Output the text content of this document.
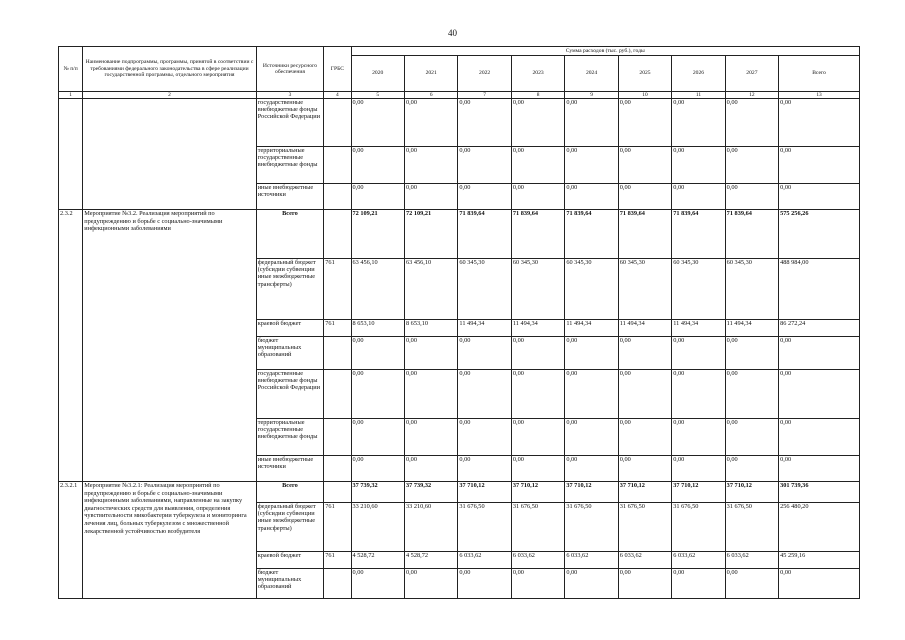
40
№ п/п	Наименование подпрограммы, программы, принятой в соответствии с требованиями федерального законодательства в сфере реализации государственной программы, отдельного мероприятия	Источники ресурсного обеспечения	ГРБС	Сумма расходов (тыс. руб.), годы								
				2020	2021	2022	2023	2024	2025	2026	2027	Всего
1	2	3	4	5	6	7	8	9	10	11	12	13
		государственные внебюджетные фонды Российской Федерации		0,00	0,00	0,00	0,00	0,00	0,00	0,00	0,00	0,00
		территориальные государственные внебюджетные фонды		0,00	0,00	0,00	0,00	0,00	0,00	0,00	0,00	0,00
		иные внебюджетные источники		0,00	0,00	0,00	0,00	0,00	0,00	0,00	0,00	0,00
2.3.2	Мероприятие №3.2. Реализация мероприятий по предупреждению и борьбе с социально-значимыми инфекционными заболеваниями	Всего		72 109,21	72 109,21	71 839,64	71 839,64	71 839,64	71 839,64	71 839,64	71 839,64	575 256,26
		федеральный бюджет (субсидии субвенции иные межбюджетные трансферты)	761	63 456,10	63 456,10	60 345,30	60 345,30	60 345,30	60 345,30	60 345,30	60 345,30	488 984,00
		краевой бюджет	761	8 653,10	8 653,10	11 494,34	11 494,34	11 494,34	11 494,34	11 494,34	11 494,34	86 272,24
		бюджет муниципальных образований		0,00	0,00	0,00	0,00	0,00	0,00	0,00	0,00	0,00
		государственные внебюджетные фонды Российской Федерации		0,00	0,00	0,00	0,00	0,00	0,00	0,00	0,00	0,00
		территориальные государственные внебюджетные фонды		0,00	0,00	0,00	0,00	0,00	0,00	0,00	0,00	0,00
		иные внебюджетные источники		0,00	0,00	0,00	0,00	0,00	0,00	0,00	0,00	0,00
2.3.2.1	Мероприятие №3.2.1: Реализация мероприятий по предупреждению и борьбе с социально-значимыми инфекционными заболеваниями, направленные на закупку диагностических средств для выявления, определения чувствительности микобактерии туберкулеза и мониторинга лечения лиц, больных туберкулезом с множественной лекарственной устойчивостью возбудителя	Всего		37 739,32	37 739,32	37 710,12	37 710,12	37 710,12	37 710,12	37 710,12	37 710,12	301 739,36
		федеральный бюджет (субсидии субвенции иные межбюджетные трансферты)	761	33 210,60	33 210,60	31 676,50	31 676,50	31 676,50	31 676,50	31 676,50	31 676,50	256 480,20
		краевой бюджет	761	4 528,72	4 528,72	6 033,62	6 033,62	6 033,62	6 033,62	6 033,62	6 033,62	45 259,16
		бюджет муниципальных образований		0,00	0,00	0,00	0,00	0,00	0,00	0,00	0,00	0,00
